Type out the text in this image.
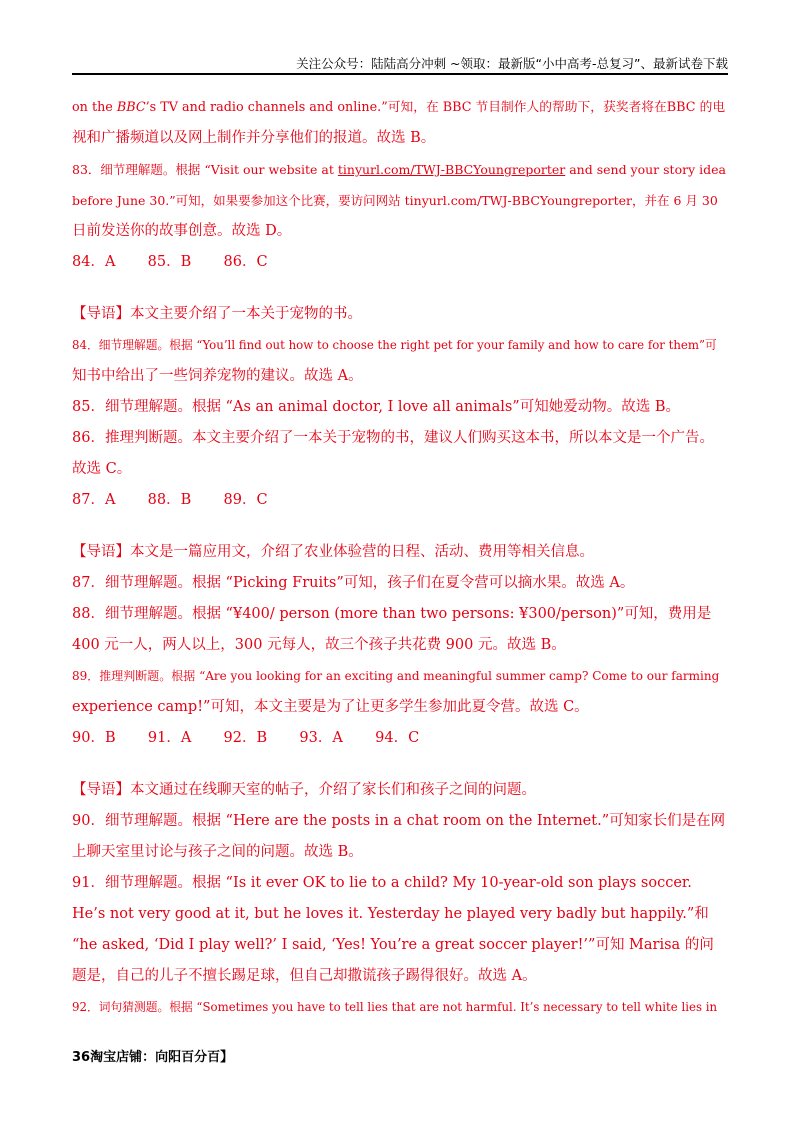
关注公众号：陆陆高分冲刺 ~领取：最新版“小中高考-总复习”、最新试卷下载

on the BBC’s TV and radio channels and online.”可知，在 BBC 节目制作人的帮助下，获奖者将在BBC 的电

视和广播频道以及网上制作并分享他们的报道。故选 B。

83．细节理解题。根据 “Visit our website at tinyurl.com/TWJ-BBCYoungreporter and send your story idea

before June 30.”可知，如果要参加这个比赛，要访问网站 tinyurl.com/TWJ-BBCYoungreporter，并在 6 月 30

日前发送你的故事创意。故选 D。

84．A       85．B       86．C

【导语】本文主要介绍了一本关于宠物的书。

84．细节理解题。根据 “You’ll find out how to choose the right pet for your family and how to care for them”可

知书中给出了一些饲养宠物的建议。故选 A。

85．细节理解题。根据 “As an animal doctor, I love all animals”可知她爱动物。故选 B。

86．推理判断题。本文主要介绍了一本关于宠物的书，建议人们购买这本书，所以本文是一个广告。故选 C。

87．A       88．B       89．C

【导语】本文是一篇应用文，介绍了农业体验营的日程、活动、费用等相关信息。

87．细节理解题。根据 “Picking Fruits”可知，孩子们在夏令营可以摘水果。故选 A。

88．细节理解题。根据 “¥400/ person (more than two persons: ¥300/person)”可知，费用是 400 元一人，两人以上，300 元每人，故三个孩子共花费 900 元。故选 B。

89．推理判断题。根据 “Are you looking for an exciting and meaningful summer camp? Come to our farming

experience camp!”可知，本文主要是为了让更多学生参加此夏令营。故选 C。

90．B       91．A       92．B       93．A       94．C

【导语】本文通过在线聊天室的帖子，介绍了家长们和孩子之间的问题。

90．细节理解题。根据 “Here are the posts in a chat room on the Internet.”可知家长们是在网上聊天室里讨论与孩子之间的问题。故选 B。

91．细节理解题。根据 “Is it ever OK to lie to a child? My 10-year-old son plays soccer. He’s not very good at it, but he loves it. Yesterday he played very badly but happily.”和 “he asked, ‘Did I play well?’ I said, ‘Yes! You’re a great soccer player!’”可知 Marisa 的问题是，自己的儿子不擅长踢足球，但自己却撒谎孩子踢得很好。故选 A。

92．词句猜测题。根据 “Sometimes you have to tell lies that are not harmful. It’s necessary to tell white lies in

36淘宝店铺：向阳百分百】
